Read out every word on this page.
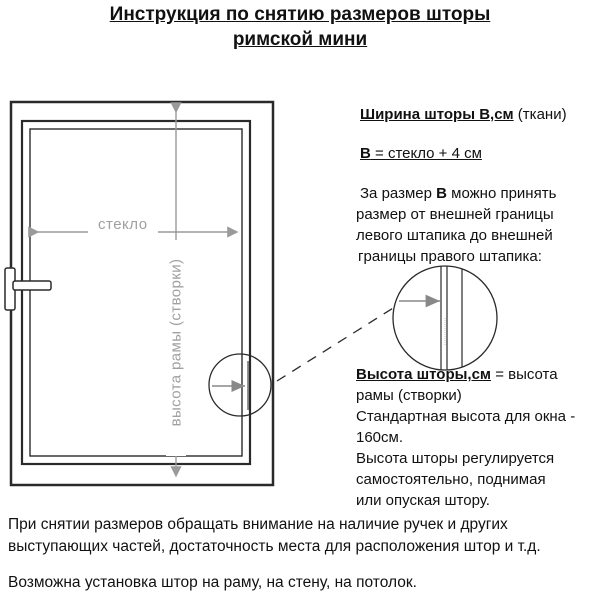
Инструкция по снятию размеров шторы
римской мини
стекло
высота рамы (створки)
Ширина шторы B,см (ткани)
B = стекло + 4 см
За размер B можно принять
размер от внешней границы
левого штапика до внешней
границы правого штапика:
Высота шторы,см = высота
рамы (створки)
Стандартная высота для окна -
160см.
Высота шторы регулируется
самостоятельно, поднимая
или опуская штору.
При снятии размеров обращать внимание на наличие ручек и других
выступающих частей, достаточность места для расположения штор и т.д.
Возможна установка штор на раму, на стену, на потолок.
